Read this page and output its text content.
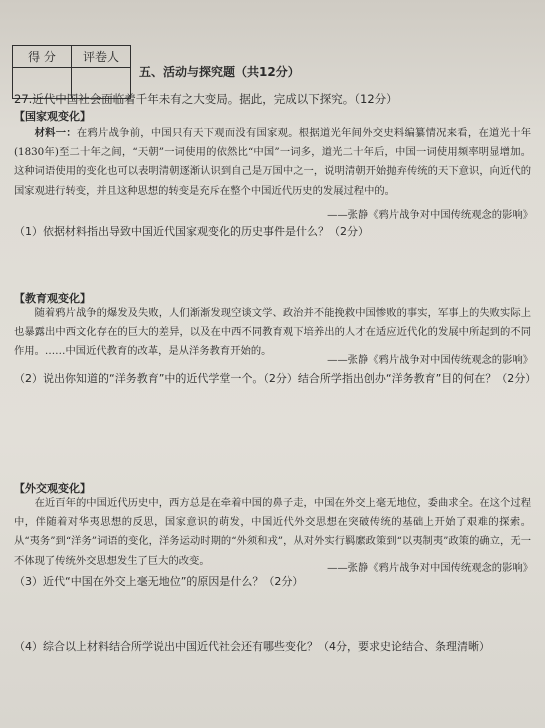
得 分	评卷人

五、活动与探究题（共12分）
27.近代中国社会面临着千年未有之大变局。据此，完成以下探究。（12分）
【国家观变化】

材料一：在鸦片战争前，中国只有天下观而没有国家观。根据道光年间外交史料编纂情况来看，在道光十年(1830年)至二十年之间，“天朝”一词使用的依然比“中国”一词多，道光二十年后，中国一词使用频率明显增加。这种词语使用的变化也可以表明清朝逐渐认识到自己是万国中之一，说明清朝开始抛弃传统的天下意识，向近代的国家观进行转变，并且这种思想的转变是充斥在整个中国近代历史的发展过程中的。

——张静《鸦片战争对中国传统观念的影响》
（1）依据材料指出导致中国近代国家观变化的历史事件是什么？（2分）
【教育观变化】

随着鸦片战争的爆发及失败，人们渐渐发现空谈文学、政治并不能挽救中国惨败的事实，军事上的失败实际上也暴露出中西文化存在的巨大的差异，以及在中西不同教育观下培养出的人才在适应近代化的发展中所起到的不同作用。……中国近代教育的改革，是从洋务教育开始的。

——张静《鸦片战争对中国传统观念的影响》
（2）说出你知道的“洋务教育”中的近代学堂一个。（2分）结合所学指出创办“洋务教育”目的何在？（2分）
【外交观变化】

在近百年的中国近代历史中，西方总是在牵着中国的鼻子走，中国在外交上毫无地位，委曲求全。在这个过程中，伴随着对华夷思想的反思，国家意识的萌发，中国近代外交思想在突破传统的基础上开始了艰难的探索。从“夷务”到“洋务”词语的变化，洋务运动时期的“外须和戎”，从对外实行羁縻政策到“以夷制夷”政策的确立，无一不体现了传统外交思想发生了巨大的改变。

——张静《鸦片战争对中国传统观念的影响》
（3）近代“中国在外交上毫无地位”的原因是什么？（2分）
（4）综合以上材料结合所学说出中国近代社会还有哪些变化？（4分，要求史论结合、条理清晰）
